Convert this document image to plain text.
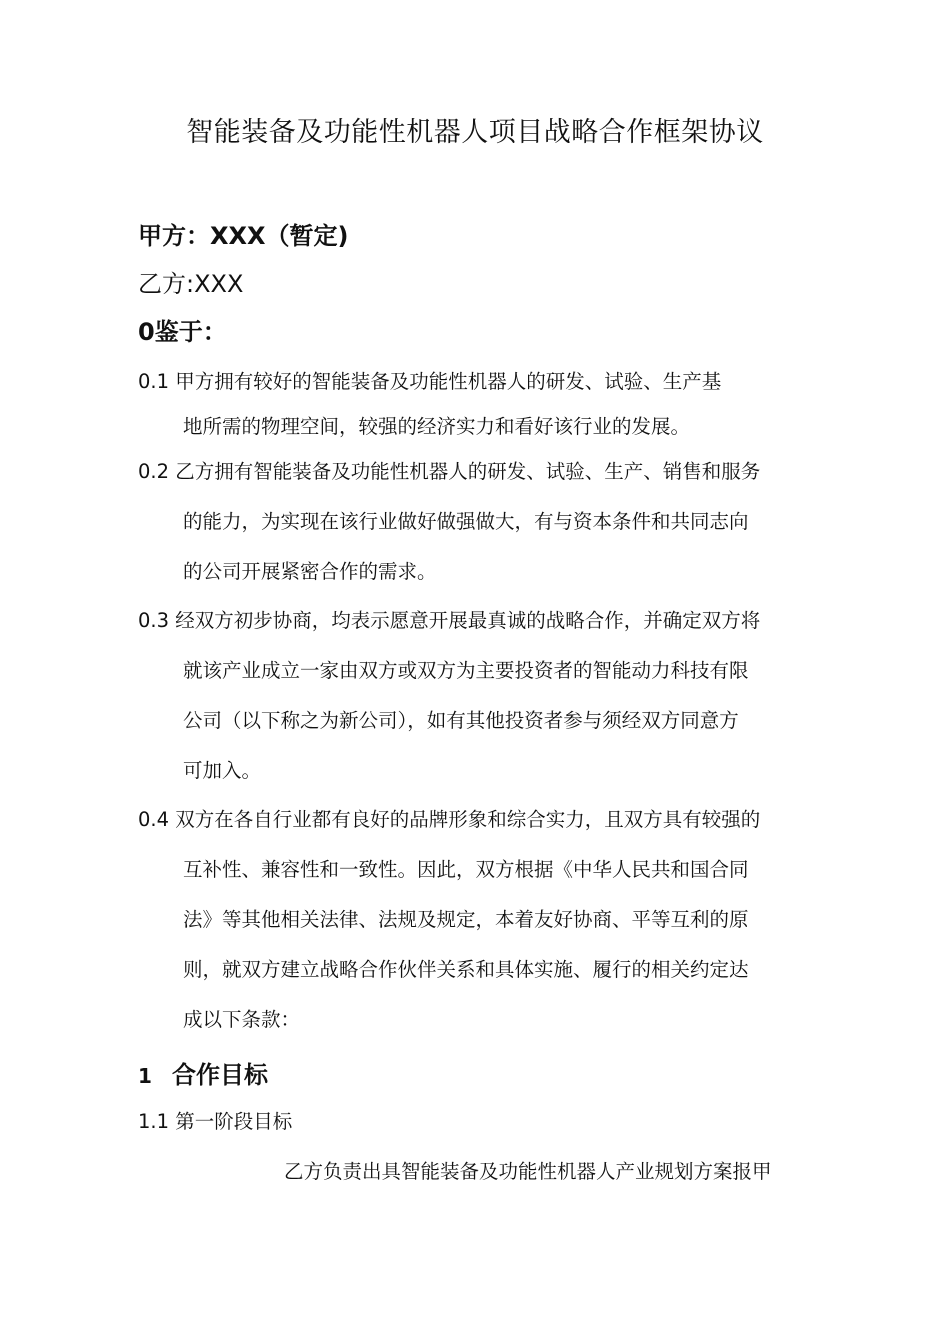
智能装备及功能性机器人项目战略合作框架协议
甲方：XXX（暂定)
乙方:XXX
0鉴于：
0.1 甲方拥有较好的智能装备及功能性机器人的研发、试验、生产基
地所需的物理空间，较强的经济实力和看好该行业的发展。
0.2 乙方拥有智能装备及功能性机器人的研发、试验、生产、销售和服务
的能力，为实现在该行业做好做强做大，有与资本条件和共同志向
的公司开展紧密合作的需求。
0.3 经双方初步协商，均表示愿意开展最真诚的战略合作，并确定双方将
就该产业成立一家由双方或双方为主要投资者的智能动力科技有限
公司（以下称之为新公司），如有其他投资者参与须经双方同意方
可加入。
0.4 双方在各自行业都有良好的品牌形象和综合实力，且双方具有较强的
互补性、兼容性和一致性。因此，双方根据《中华人民共和国合同
法》等其他相关法律、法规及规定，本着友好协商、平等互利的原
则，就双方建立战略合作伙伴关系和具体实施、履行的相关约定达
成以下条款：
1 合作目标
1.1 第一阶段目标
乙方负责出具智能装备及功能性机器人产业规划方案报甲
